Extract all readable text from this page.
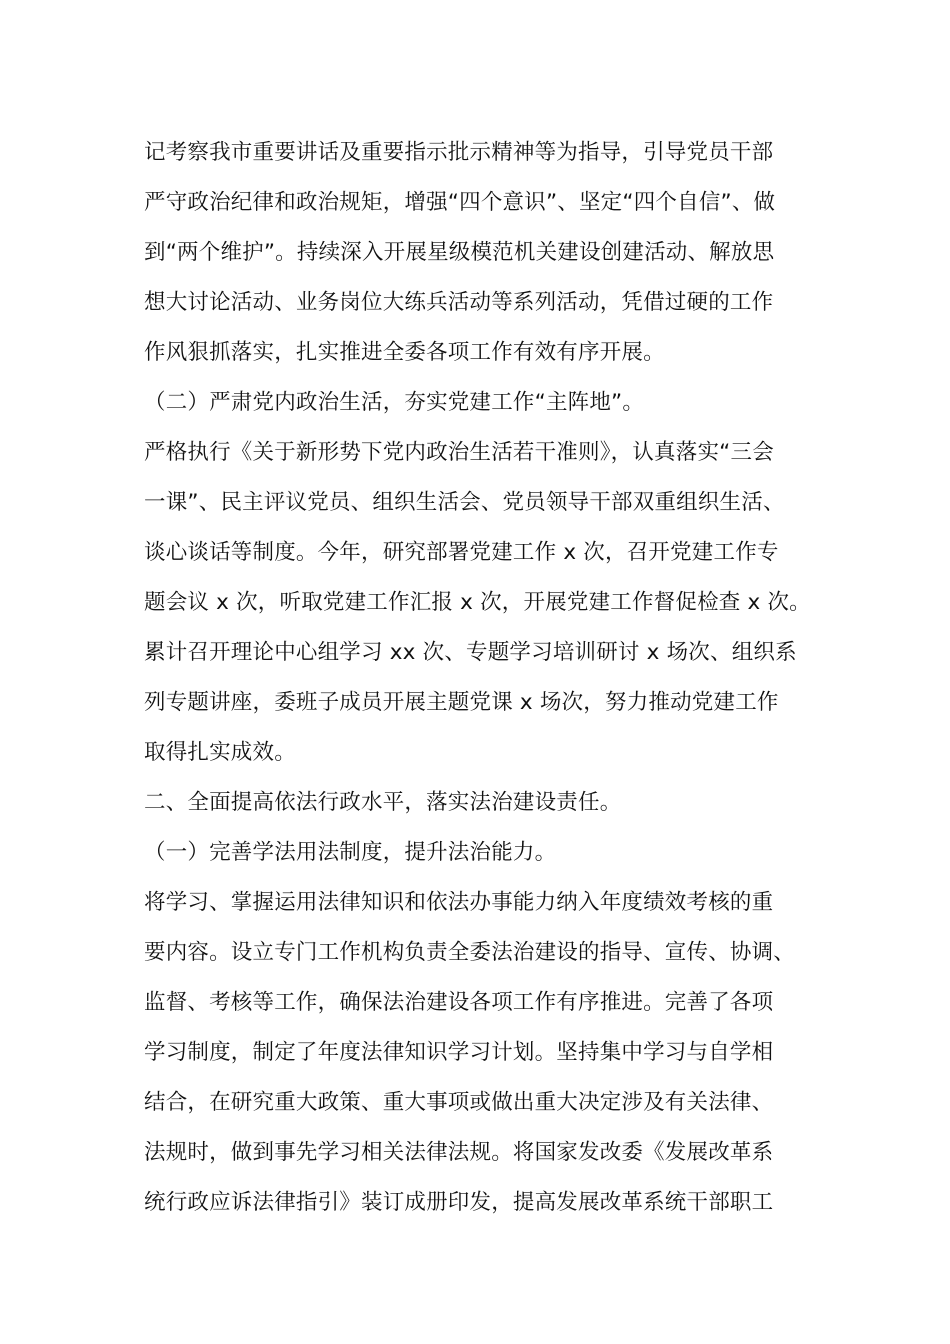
记考察我市重要讲话及重要指示批示精神等为指导，引导党员干部
严守政治纪律和政治规矩，增强“四个意识”、坚定“四个自信”、做
到“两个维护”。持续深入开展星级模范机关建设创建活动、解放思
想大讨论活动、业务岗位大练兵活动等系列活动，凭借过硬的工作
作风狠抓落实，扎实推进全委各项工作有效有序开展。
（二）严肃党内政治生活，夯实党建工作“主阵地”。
严格执行《关于新形势下党内政治生活若干准则》，认真落实“三会
一课”、民主评议党员、组织生活会、党员领导干部双重组织生活、
谈心谈话等制度。今年，研究部署党建工作 x 次，召开党建工作专
题会议 x 次，听取党建工作汇报 x 次，开展党建工作督促检查 x 次。
累计召开理论中心组学习 xx 次、专题学习培训研讨 x 场次、组织系
列专题讲座，委班子成员开展主题党课 x 场次，努力推动党建工作
取得扎实成效。
二、全面提高依法行政水平，落实法治建设责任。
（一）完善学法用法制度，提升法治能力。
将学习、掌握运用法律知识和依法办事能力纳入年度绩效考核的重
要内容。设立专门工作机构负责全委法治建设的指导、宣传、协调、
监督、考核等工作，确保法治建设各项工作有序推进。完善了各项
学习制度，制定了年度法律知识学习计划。坚持集中学习与自学相
结合，在研究重大政策、重大事项或做出重大决定涉及有关法律、
法规时，做到事先学习相关法律法规。将国家发改委《发展改革系
统行政应诉法律指引》装订成册印发，提高发展改革系统干部职工
